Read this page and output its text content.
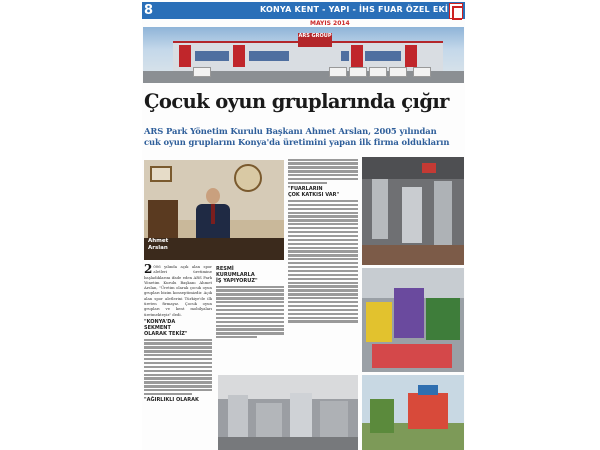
8	KONYA KENT - YAPI - İHS FUAR ÖZEL EKİ
MAYIS 2014
ARS GROUP
Çocuk oyun gruplarında çığır
ARS Park Yönetim Kurulu Başkanı Ahmet Arslan, 2005 yılından
cuk oyun gruplarını Konya'da üretimini yapan ilk firma oldukların
Ahmet
Arslan

2 006 yılında açık alan spor aletleri üretimine başladıklarını ifade eden ARS Park Yönetim Kurulu Başkanı Ahmet Arslan, "Üretim olarak çocuk oyun grupları bizim konseptimizdir. Açık alan spor aletlerini Türkiye'de ilk üreten firmayız. Çocuk oyun grupları ve kent mobilyaları üretmekteyiz" dedi.

"KONYA'DA
SEKMENT
OLARAK TEKİZ"
"AĞIRLIKLI OLARAK
RESMİ
KURUMLARLA
İŞ YAPIYORUZ"
"FUARLARIN
ÇOK KATKISI VAR"
